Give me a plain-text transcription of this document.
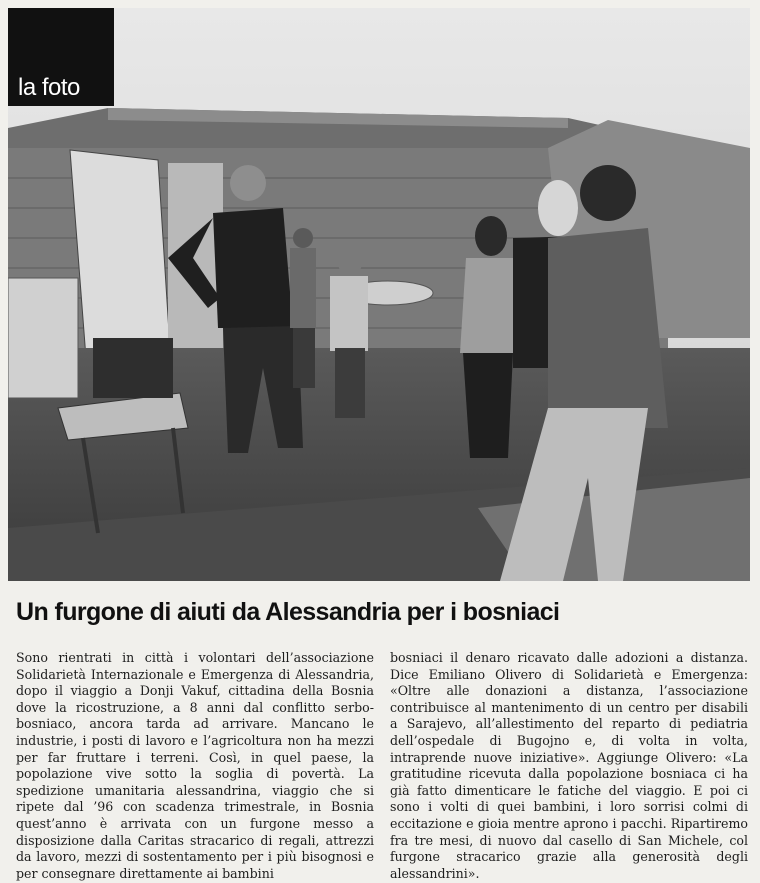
la foto
Un furgone di aiuti da Alessandria per i bosniaci
Sono rientrati in città i volontari dell’associazione Solidarietà Internazionale e Emergenza di Alessandria, dopo il viaggio a Donji Vakuf, cittadina della Bosnia dove la ricostruzione, a 8 anni dal conflitto serbo-bosniaco, ancora tarda ad arrivare. Mancano le industrie, i posti di lavoro e l’agricoltura non ha mezzi per far fruttare i terreni. Così, in quel paese, la popolazione vive sotto la soglia di povertà. La spedizione umanitaria alessandrina, viaggio che si ripete dal ’96 con scadenza trimestrale, in Bosnia quest’anno è arrivata con un furgone messo a disposizione dalla Caritas stracarico di regali, attrezzi da lavoro, mezzi di sostentamento per i più bisognosi e per consegnare direttamente ai bambini
bosniaci il denaro ricavato dalle adozioni a distanza. Dice Emiliano Olivero di Solidarietà e Emergenza: «Oltre alle donazioni a distanza, l’associazione contribuisce al mantenimento di un centro per disabili a Sarajevo, all’allestimento del reparto di pediatria dell’ospedale di Bugojno e, di volta in volta, intraprende nuove iniziative». Aggiunge Olivero: «La gratitudine ricevuta dalla popolazione bosniaca ci ha già fatto dimenticare le fatiche del viaggio. E poi ci sono i volti di quei bambini, i loro sorrisi colmi di eccitazione e gioia mentre aprono i pacchi. Ripartiremo fra tre mesi, di nuovo dal casello di San Michele, col furgone stracarico grazie alla generosità degli alessandrini».
